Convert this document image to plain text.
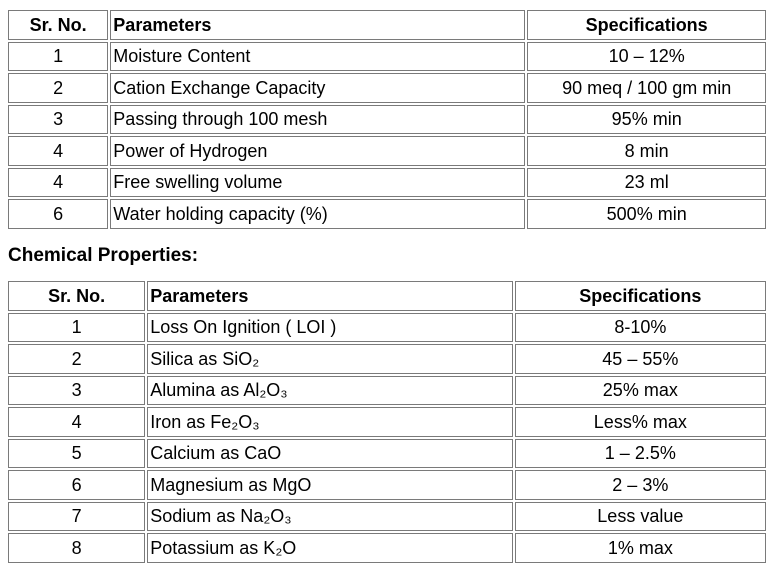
Sr. No.	Parameters	Specifications
1	Moisture Content	10 – 12%
2	Cation Exchange Capacity	90 meq / 100 gm min
3	Passing through 100 mesh	95% min
4	Power of Hydrogen	8 min
4	Free swelling volume	23 ml
6	Water holding capacity (%)	500% min
Chemical Properties:
Sr. No.	Parameters	Specifications
1	Loss On Ignition ( LOI )	8-10%
2	Silica as SiO₂	45 – 55%
3	Alumina as Al₂O₃	25% max
4	Iron as Fe₂O₃	Less% max
5	Calcium as CaO	1 – 2.5%
6	Magnesium as MgO	2 – 3%
7	Sodium as Na₂O₃	Less value
8	Potassium as K₂O	1% max
